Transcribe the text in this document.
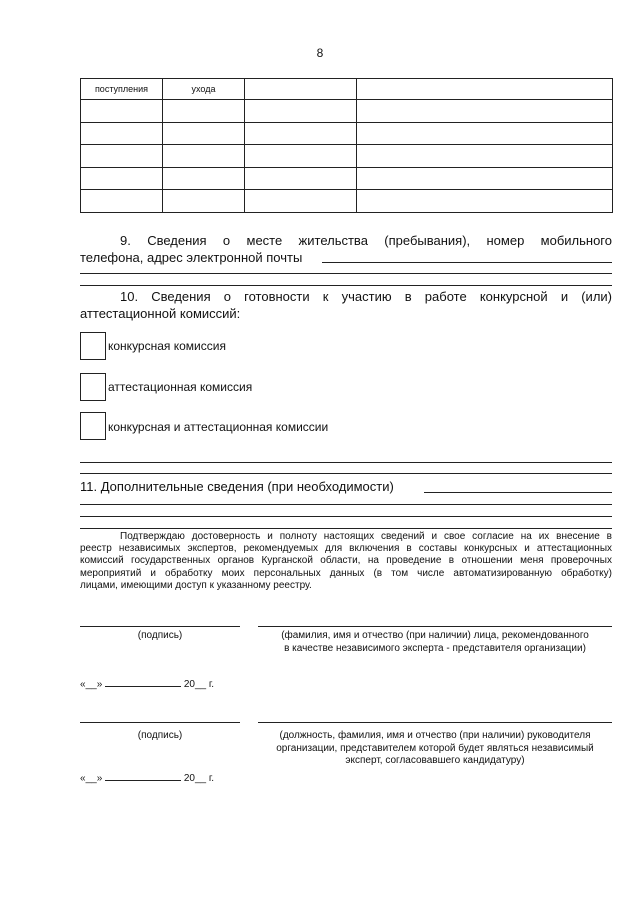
8
поступления	ухода		

9. Сведения о месте жительства (пребывания), номер мобильного
телефона, адрес электронной почты
10. Сведения о готовности к участию в работе конкурсной и (или)
аттестационной комиссий:
конкурсная комиссия
аттестационная комиссия
конкурсная и аттестационная комиссии
11. Дополнительные сведения (при необходимости)
Подтверждаю достоверность и полноту настоящих сведений и свое согласие на их внесение в
реестр независимых экспертов, рекомендуемых для включения в составы конкурсных и аттестационных
комиссий государственных органов Курганской области, на проведение в отношении меня проверочных
мероприятий и обработку моих персональных данных (в том числе автоматизированную обработку)
лицами, имеющими доступ к указанному реестру.
(подпись)	(фамилия, имя и отчество (при наличии) лица, рекомендованного
в качестве независимого эксперта - представителя организации)
«__»	20__ г.
(подпись)	(должность, фамилия, имя и отчество (при наличии) руководителя
организации, представителем которой будет являться независимый
эксперт, согласовавшего кандидатуру)
«__»	20__ г.
